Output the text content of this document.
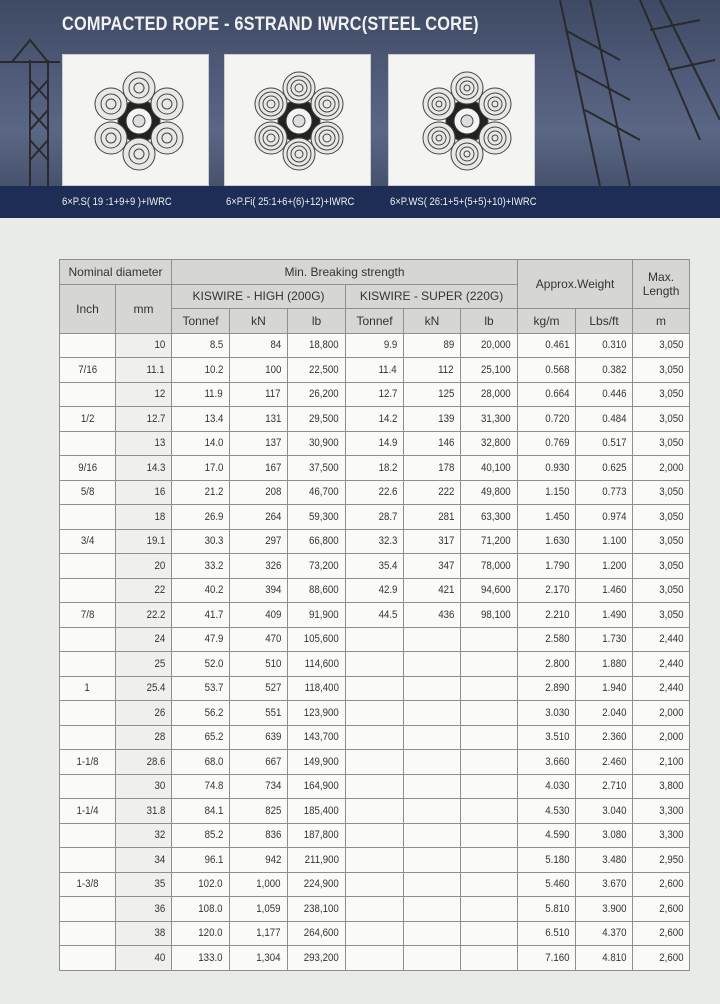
COMPACTED ROPE - 6STRAND IWRC(STEEL CORE)
6×P.S( 19 :1+9+9 )+IWRC	6×P.Fi( 25:1+6+(6)+12)+IWRC	6×P.WS( 26:1+5+(5+5)+10)+IWRC
Nominal diameter		Min. Breaking strength						Approx.Weight		Max. Length
Inch	mm	KISWIRE - HIGH (200G)			KISWIRE - SUPER (220G)					
		Tonnef	kN	lb	Tonnef	kN	lb	kg/m	Lbs/ft	m
	10	8.5	84	18,800	9.9	89	20,000	0.461	0.310	3,050
7/16	11.1	10.2	100	22,500	11.4	112	25,100	0.568	0.382	3,050
	12	11.9	117	26,200	12.7	125	28,000	0.664	0.446	3,050
1/2	12.7	13.4	131	29,500	14.2	139	31,300	0.720	0.484	3,050
	13	14.0	137	30,900	14.9	146	32,800	0.769	0.517	3,050
9/16	14.3	17.0	167	37,500	18.2	178	40,100	0.930	0.625	2,000
5/8	16	21.2	208	46,700	22.6	222	49,800	1.150	0.773	3,050
	18	26.9	264	59,300	28.7	281	63,300	1.450	0.974	3,050
3/4	19.1	30.3	297	66,800	32.3	317	71,200	1.630	1.100	3,050
	20	33.2	326	73,200	35.4	347	78,000	1.790	1.200	3,050
	22	40.2	394	88,600	42.9	421	94,600	2.170	1.460	3,050
7/8	22.2	41.7	409	91,900	44.5	436	98,100	2.210	1.490	3,050
	24	47.9	470	105,600				2.580	1.730	2,440
	25	52.0	510	114,600				2.800	1.880	2,440
1	25.4	53.7	527	118,400				2.890	1.940	2,440
	26	56.2	551	123,900				3.030	2.040	2,000
	28	65.2	639	143,700				3.510	2.360	2,000
1-1/8	28.6	68.0	667	149,900				3.660	2.460	2,100
	30	74.8	734	164,900				4.030	2.710	3,800
1-1/4	31.8	84.1	825	185,400				4.530	3.040	3,300
	32	85.2	836	187,800				4.590	3.080	3,300
	34	96.1	942	211,900				5.180	3.480	2,950
1-3/8	35	102.0	1,000	224,900				5.460	3.670	2,600
	36	108.0	1,059	238,100				5.810	3.900	2,600
	38	120.0	1,177	264,600				6.510	4.370	2,600
	40	133.0	1,304	293,200				7.160	4.810	2,600
